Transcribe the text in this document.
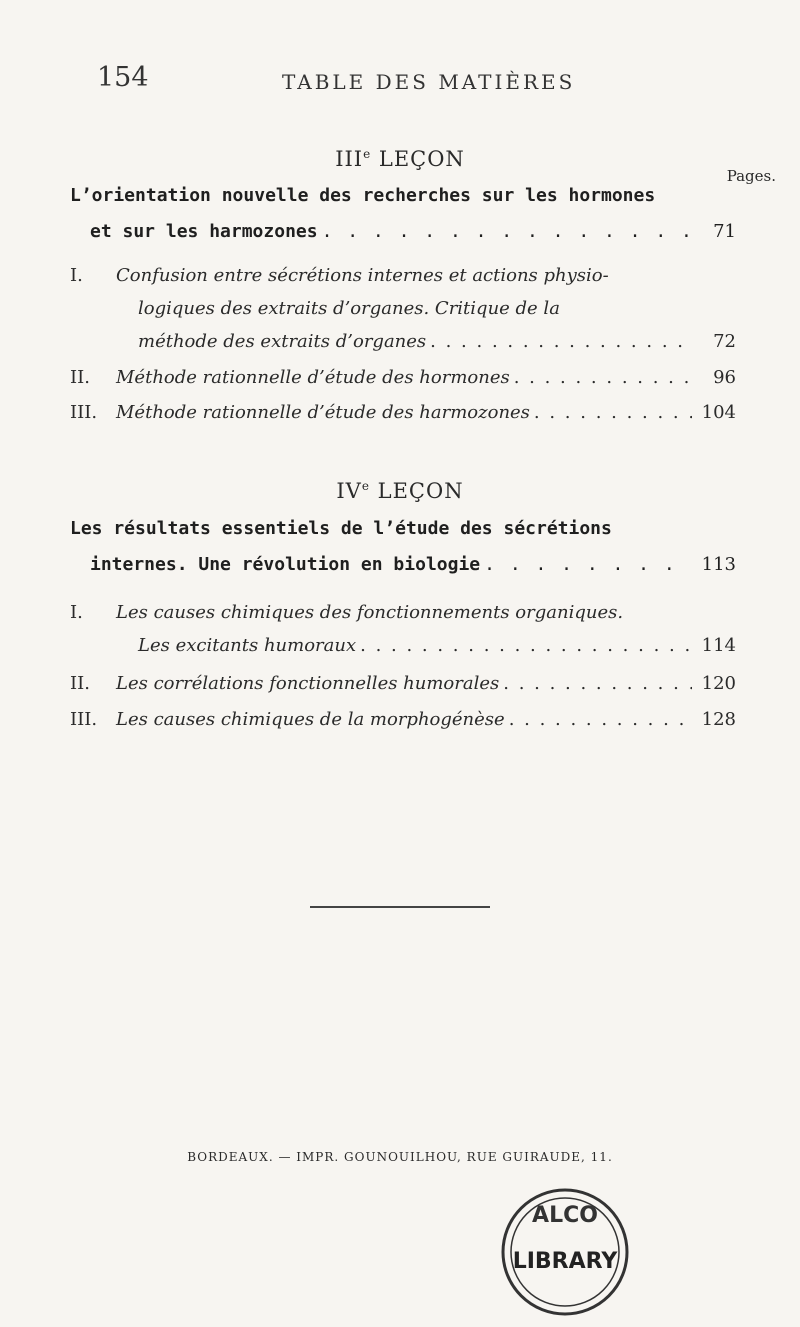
154	TABLE DES MATIÈRES
IIIe LEÇON
Pages.
L’orientation nouvelle des recherches sur les hormones
et sur les harmozones . . .	71
I.	Confusion entre sécrétions internes et actions physio-
logiques des extraits d’organes. Critique de la
méthode des extraits d’organes . . .	72
II.	Méthode rationnelle d’étude des hormones . . .	96
III.	Méthode rationnelle d’étude des harmozones . . .	104
IVe LEÇON
Les résultats essentiels de l’étude des sécrétions
internes. Une révolution en biologie . . .	113
I.	Les causes chimiques des fonctionnements organiques.
Les excitants humoraux . . .	114
II.	Les corrélations fonctionnelles humorales . . .	120
III.	Les causes chimiques de la morphogénèse . . .	128
BORDEAUX. — IMPR. GOUNOUILHOU, RUE GUIRAUDE, 11.
ALCO
LIBRARY
